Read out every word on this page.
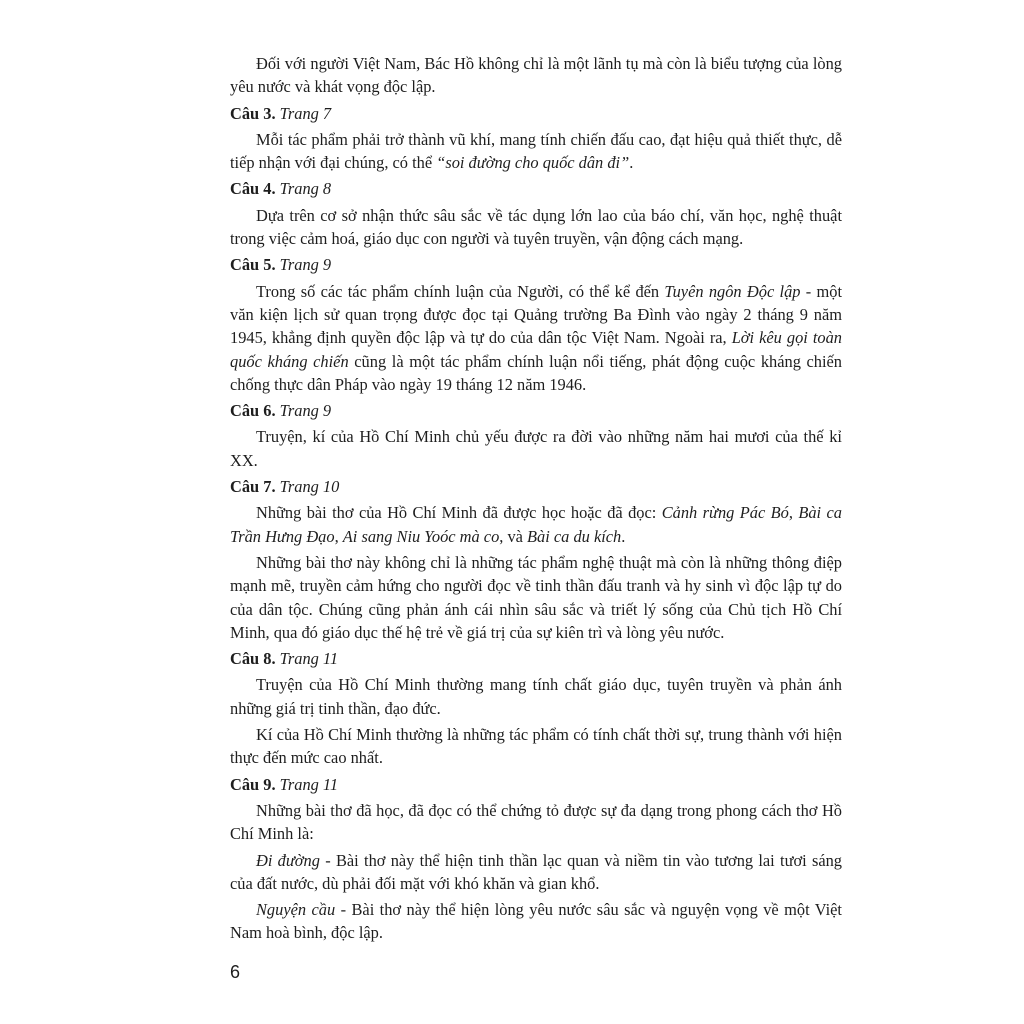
Đối với người Việt Nam, Bác Hồ không chỉ là một lãnh tụ mà còn là biểu tượng của lòng yêu nước và khát vọng độc lập.

Câu 3. Trang 7

Mỗi tác phẩm phải trở thành vũ khí, mang tính chiến đấu cao, đạt hiệu quả thiết thực, dễ tiếp nhận với đại chúng, có thể “soi đường cho quốc dân đi”.

Câu 4. Trang 8

Dựa trên cơ sở nhận thức sâu sắc về tác dụng lớn lao của báo chí, văn học, nghệ thuật trong việc cảm hoá, giáo dục con người và tuyên truyền, vận động cách mạng.

Câu 5. Trang 9

Trong số các tác phẩm chính luận của Người, có thể kể đến Tuyên ngôn Độc lập - một văn kiện lịch sử quan trọng được đọc tại Quảng trường Ba Đình vào ngày 2 tháng 9 năm 1945, khẳng định quyền độc lập và tự do của dân tộc Việt Nam. Ngoài ra, Lời kêu gọi toàn quốc kháng chiến cũng là một tác phẩm chính luận nổi tiếng, phát động cuộc kháng chiến chống thực dân Pháp vào ngày 19 tháng 12 năm 1946.

Câu 6. Trang 9

Truyện, kí của Hồ Chí Minh chủ yếu được ra đời vào những năm hai mươi của thế kỉ XX.

Câu 7. Trang 10

Những bài thơ của Hồ Chí Minh đã được học hoặc đã đọc: Cảnh rừng Pác Bó, Bài ca Trần Hưng Đạo, Ai sang Niu Yoóc mà co, và Bài ca du kích.

Những bài thơ này không chỉ là những tác phẩm nghệ thuật mà còn là những thông điệp mạnh mẽ, truyền cảm hứng cho người đọc về tinh thần đấu tranh và hy sinh vì độc lập tự do của dân tộc. Chúng cũng phản ánh cái nhìn sâu sắc và triết lý sống của Chủ tịch Hồ Chí Minh, qua đó giáo dục thế hệ trẻ về giá trị của sự kiên trì và lòng yêu nước.

Câu 8. Trang 11

Truyện của Hồ Chí Minh thường mang tính chất giáo dục, tuyên truyền và phản ánh những giá trị tinh thần, đạo đức.

Kí của Hồ Chí Minh thường là những tác phẩm có tính chất thời sự, trung thành với hiện thực đến mức cao nhất.

Câu 9. Trang 11

Những bài thơ đã học, đã đọc có thể chứng tỏ được sự đa dạng trong phong cách thơ Hồ Chí Minh là:

Đi đường - Bài thơ này thể hiện tinh thần lạc quan và niềm tin vào tương lai tươi sáng của đất nước, dù phải đối mặt với khó khăn và gian khổ.

Nguyện cầu - Bài thơ này thể hiện lòng yêu nước sâu sắc và nguyện vọng về một Việt Nam hoà bình, độc lập.

6
